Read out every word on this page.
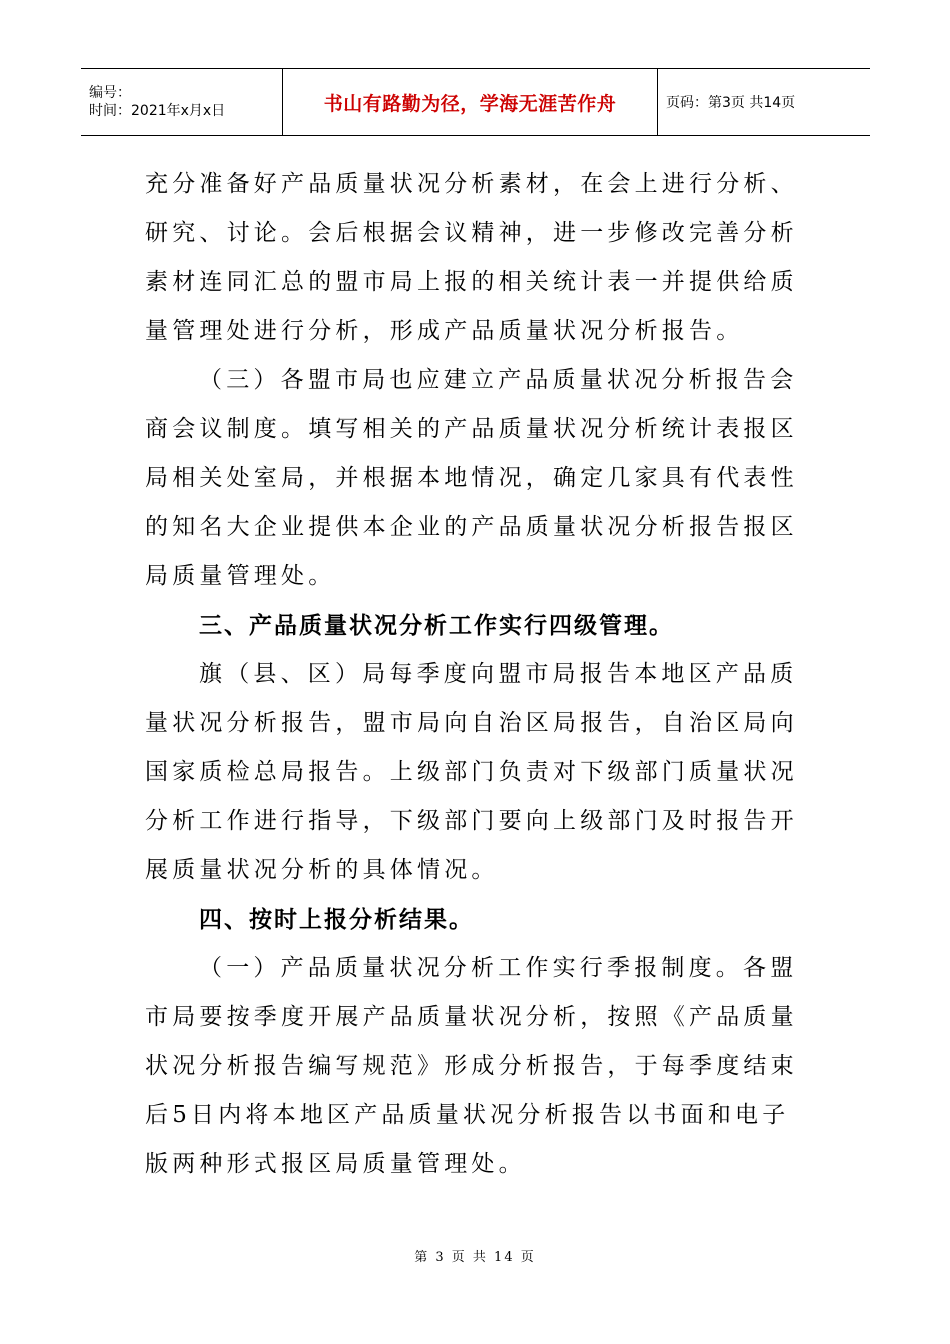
编号：
时间：2021年x月x日	书山有路勤为径，学海无涯苦作舟	页码：第3页 共14页

充分准备好产品质量状况分析素材，在会上进行分析、研究、讨论。会后根据会议精神，进一步修改完善分析素材连同汇总的盟市局上报的相关统计表一并提供给质量管理处进行分析，形成产品质量状况分析报告。

（三）各盟市局也应建立产品质量状况分析报告会商会议制度。填写相关的产品质量状况分析统计表报区局相关处室局，并根据本地情况，确定几家具有代表性的知名大企业提供本企业的产品质量状况分析报告报区局质量管理处。

三、产品质量状况分析工作实行四级管理。

旗（县、区）局每季度向盟市局报告本地区产品质量状况分析报告，盟市局向自治区局报告，自治区局向国家质检总局报告。上级部门负责对下级部门质量状况分析工作进行指导，下级部门要向上级部门及时报告开展质量状况分析的具体情况。

四、按时上报分析结果。

（一）产品质量状况分析工作实行季报制度。各盟市局要按季度开展产品质量状况分析，按照《产品质量状况分析报告编写规范》形成分析报告，于每季度结束后5日内将本地区产品质量状况分析报告以书面和电子版两种形式报区局质量管理处。

第 3 页 共 14 页
